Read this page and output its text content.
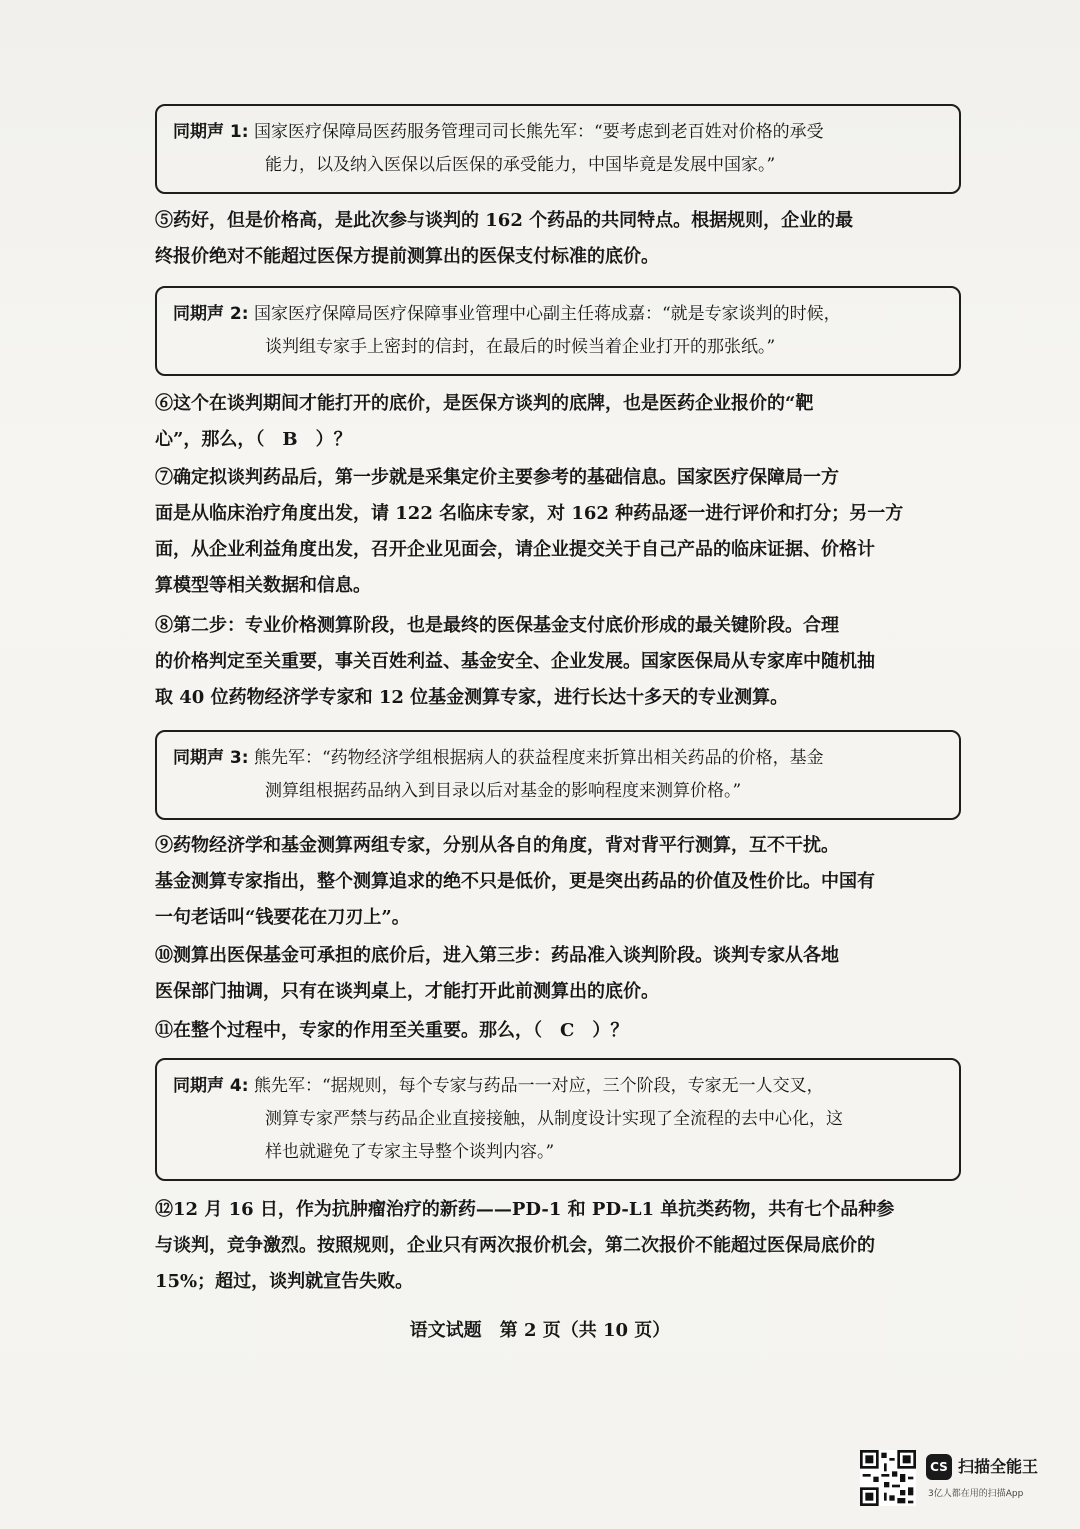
同期声 1: 国家医疗保障局医药服务管理司司长熊先军：“要考虑到老百姓对价格的承受
能力，以及纳入医保以后医保的承受能力，中国毕竟是发展中国家。”
⑤药好，但是价格高，是此次参与谈判的 162 个药品的共同特点。根据规则，企业的最
终报价绝对不能超过医保方提前测算出的医保支付标准的底价。
同期声 2: 国家医疗保障局医疗保障事业管理中心副主任蒋成嘉：“就是专家谈判的时候，
谈判组专家手上密封的信封，在最后的时候当着企业打开的那张纸。”
⑥这个在谈判期间才能打开的底价，是医保方谈判的底牌，也是医药企业报价的“靶
心”，那么，（　B　）？
⑦确定拟谈判药品后，第一步就是采集定价主要参考的基础信息。国家医疗保障局一方
面是从临床治疗角度出发，请 122 名临床专家，对 162 种药品逐一进行评价和打分；另一方
面，从企业利益角度出发，召开企业见面会，请企业提交关于自己产品的临床证据、价格计
算模型等相关数据和信息。
⑧第二步：专业价格测算阶段，也是最终的医保基金支付底价形成的最关键阶段。合理
的价格判定至关重要，事关百姓利益、基金安全、企业发展。国家医保局从专家库中随机抽
取 40 位药物经济学专家和 12 位基金测算专家，进行长达十多天的专业测算。
同期声 3: 熊先军：“药物经济学组根据病人的获益程度来折算出相关药品的价格，基金
测算组根据药品纳入到目录以后对基金的影响程度来测算价格。”
⑨药物经济学和基金测算两组专家，分别从各自的角度，背对背平行测算，互不干扰。
基金测算专家指出，整个测算追求的绝不只是低价，更是突出药品的价值及性价比。中国有
一句老话叫“钱要花在刀刃上”。
⑩测算出医保基金可承担的底价后，进入第三步：药品准入谈判阶段。谈判专家从各地
医保部门抽调，只有在谈判桌上，才能打开此前测算出的底价。
⑪在整个过程中，专家的作用至关重要。那么，（　C　）？
同期声 4: 熊先军：“据规则，每个专家与药品一一对应，三个阶段，专家无一人交叉，
测算专家严禁与药品企业直接接触，从制度设计实现了全流程的去中心化，这
样也就避免了专家主导整个谈判内容。”
⑫12 月 16 日，作为抗肿瘤治疗的新药——PD-1 和 PD-L1 单抗类药物，共有七个品种参
与谈判，竞争激烈。按照规则，企业只有两次报价机会，第二次报价不能超过医保局底价的
15%；超过，谈判就宣告失败。
语文试题　第 2 页（共 10 页）
CS 扫描全能王
3亿人都在用的扫描App
